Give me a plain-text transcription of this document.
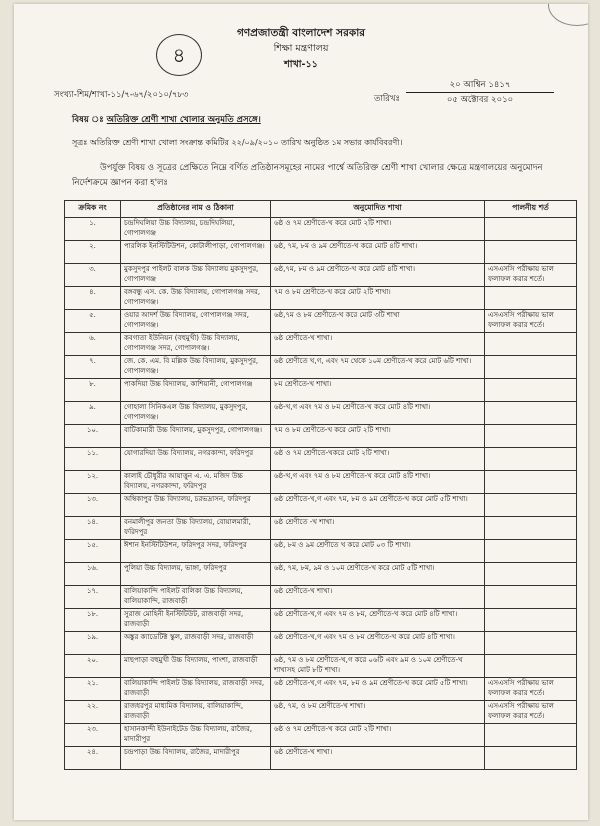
৪
গণপ্রজাতন্ত্রী বাংলাদেশ সরকার
শিক্ষা মন্ত্রণালয়
শাখা-১১
সংখ্যা-শিম/শাখা-১১/৭-৬৭/২০১০/৭৮৩	তারিখঃ
২০ আশ্বিন ১৪১৭
০৫ অক্টোবর ২০১০
বিষয় ঃ অতিরিক্ত শ্রেণী শাখা খোলার অনুমতি প্রসঙ্গে।
সূত্রঃ অতিরিক্ত শ্রেণী শাখা খোলা সংক্রান্ত কমিটির ২২/০৯/২০১০ তারিখ অনুষ্ঠিত ১ম সভার কার্যবিবরণী।
উপর্যুক্ত বিষয় ও সূত্রের প্রেক্ষিতে নিম্নে বর্ণিত প্রতিষ্ঠানসমূহের নামের পার্শ্বে অতিরিক্ত শ্রেণী শাখা খোলার ক্ষেত্রে মন্ত্রণালয়ের অনুমোদন নির্দেশক্রমে জ্ঞাপন করা হ'লঃ
ক্রমিক নং	প্রতিষ্ঠানের নাম ও ঠিকানা	অনুমোদিত শাখা	পালনীয় শর্ত
১.	চন্দ্রদিঘলিয়া উচ্চ বিদ্যালয়, চন্দ্রদিঘলিয়া, গোপালগঞ্জ	৬ষ্ঠ ও ৭ম শ্রেণীতে-খ করে মোট ২টি শাখা।	
২.	পারলিক ইনস্টিটিউশন, কোটালীপাড়া, গোপালগঞ্জ।	৬ষ্ঠ, ৭ম, ৮ম ও ৯ম শ্রেণীতে-খ করে মোট ৪টি শাখা।	
৩.	মুকসুদপুর পাইলট বালক উচ্চ বিদ্যালয় মুকসুদপুর, গোপালগঞ্জ	৬ষ্ঠ,৭ম, ৮ম ও ৯ম শ্রেণীতে-খ করে মোট ৪টি শাখা।	এসএসসি পরীক্ষায় ভাল ফলাফল করার শর্তে।
৪.	বঙ্গবন্ধু এস. কে. উচ্চ বিদ্যালয়, গোপালগঞ্জ সদর, গোপালগঞ্জ।	৭ম ও ৮ম শ্রেণীতে-খ করে মোট ২টি শাখা।	
৫.	ওয়ার আদর্শ উচ্চ বিদ্যালয়, গোপালগঞ্জ সদর, গোপালগঞ্জ।	৬ষ্ঠ,৭ম ও ৮ম শ্রেণীতে-খ করে মোট ৩টি শাখা	এসএসসি পরীক্ষায় ভাল ফলাফল করার শর্তে।
৬.	কবগাতা ইউনিয়ন (বহুমুখী) উচ্চ বিদ্যালয়, গোপালগঞ্জ সদর, গোপালগঞ্জ।	৬ষ্ঠ শ্রেণীতে-খ শাখা।	
৭.	জে. কে. এম. বি মল্লিক উচ্চ বিদ্যালয়, মুকসুদপুর, গোপালগঞ্জ।	৬ষ্ঠ শ্রেণীতে খ,গ, এবং ৭ম থেকে ১০ম শ্রেণীতে-খ করে মোট ৬টি শাখা।	
৮.	পাকদিয়া উচ্চ বিদ্যালয়, কাশিয়ানী, গোপালগঞ্জ	৮ম শ্রেণীতে-খ শাখা।	
৯.	গোহালা সিনিকএল উচ্চ বিদ্যালয়, মুকসুদপুর, গোপালগঞ্জ।	৬ষ্ঠ-খ,গ এবং ৭ম ও ৮ম শ্রেণীতে-খ করে মোট ৪টি শাখা।	
১০.	বাটিকামারী উচ্চ বিদ্যালয়, মুকসুদপুর, গোপালগঞ্জ।	৭ম ও ৮ম শ্রেণীতে-খ করে মোট ২টি শাখা।	
১১.	যোগারদিয়া উচ্চ বিদ্যালয়, নগরকান্দা, ফরিদপুর	৬ষ্ঠ ও ৭ম শ্রেণীতে-খকরে মোট ২টি শাখা।	
১২.	কালাই চৌধুরীর আয়াত্তুন এ. এ. মজিদ উচ্চ বিদ্যালয়, নগরকান্দা, ফরিদপুর	৬ষ্ঠ-খ,গ এবং ৭ম ও ৮ম শ্রেণীতে-খ করে মোট ৪টি শাখা।	
১৩.	অম্বিকাপুর উচ্চ বিদ্যালয়, চরভদ্রাসন, ফরিদপুর	৬ষ্ঠ শ্রেণীতে-খ,গ এবং ৭ম, ৮ম ও ৯ম শ্রেণীতে-খ করে মোট ৫টি শাখা।	
১৪.	বনমালীপুর জনতা উচ্চ বিদ্যালয়, বোয়ালমারী, ফরিদপুর	৬ষ্ঠ শ্রেণীতে -খ শাখা।	
১৫.	ঈশান ইনস্টিটিউশন, ফরিদপুর সদর, ফরিদপুর	৬ষ্ঠ, ৮ম ও ৯ম শ্রেণীতে খ করে মোট ০৩ টি শাখা।	
১৬.	পুলিয়া উচ্চ বিদ্যালয়, ভাঙ্গা, ফরিদপুর	৬ষ্ঠ, ৭ম, ৮ম, ৯ম ও ১০ম শ্রেণীতে-খ করে মোট ৫টি শাখা।	
১৭.	বালিয়াকান্দি পাইলট বালিকা উচ্চ বিদ্যালয়, বালিয়াকান্দি, রাজবাড়ী	৬ষ্ঠ শ্রেণীতে-খ শাখা।	
১৮.	সুরাজ মোহিনী ইনস্টিটিউট, রাজবাড়ী সদর, রাজবাড়ী	৬ষ্ঠ শ্রেণীতে-খ,গ এবং ৭ম ও ৮ম, শ্রেণীতে-খ করে মোট ৪টি শাখা।	
১৯.	অঙ্কুর ক্যাডেটিক্ট স্কুল, রাজবাড়ী সদর, রাজবাড়ী	৬ষ্ঠ শ্রেণীতে-খ,গ এবং ৭ম ও ৮ম শ্রেণীতে-খ করে মোট ৪টি শাখা।	
২০.	মাছপাড়া বহুমুখী উচ্চ বিদ্যালয়, পাংশা, রাজবাড়ী	৬ষ্ঠ, ৭ম ও ৮ম শ্রেণীতে-খ,গ করে ০৬টি এবং ৯ম ও ১০ম শ্রেণীতে-খ শাখাসহ মোট ৮টি শাখা।	
২১.	বালিয়াকান্দি পাইলট উচ্চ বিদ্যালয়, রাজবাড়ী সদর, রাজবাড়ী	৬ষ্ঠ শ্রেণীতে-খ,গ এবং ৭ম, ৮ম ও ৯ম শ্রেণীতে-খ করে মোট ৫টি শাখা।	এসএসসি পরীক্ষায় ভাল ফলাফল করার শর্তে।
২২.	রাজধরপুর মাধ্যমিক বিদ্যালয়, বালিয়াকান্দি, রাজবাড়ী	৬ষ্ঠ, ৭ম, ও ৮ম শ্রেণীতে-খ শাখা।	এসএসসি পরীক্ষায় ভাল ফলাফল করার শর্তে।
২৩.	হাসানকান্দী ইউনাইটেড উচ্চ বিদ্যালয়, রাজৈর, মাদারীপুর	৬ষ্ঠ ও ৭ম শ্রেণীতে-খ করে মোট ২টি শাখা।	
২৪.	চন্দ্রপাড়া উচ্চ বিদ্যালয়, রাজৈর, মাদারীপুর	৬ষ্ঠ শ্রেণীতে-খ শাখা।	
